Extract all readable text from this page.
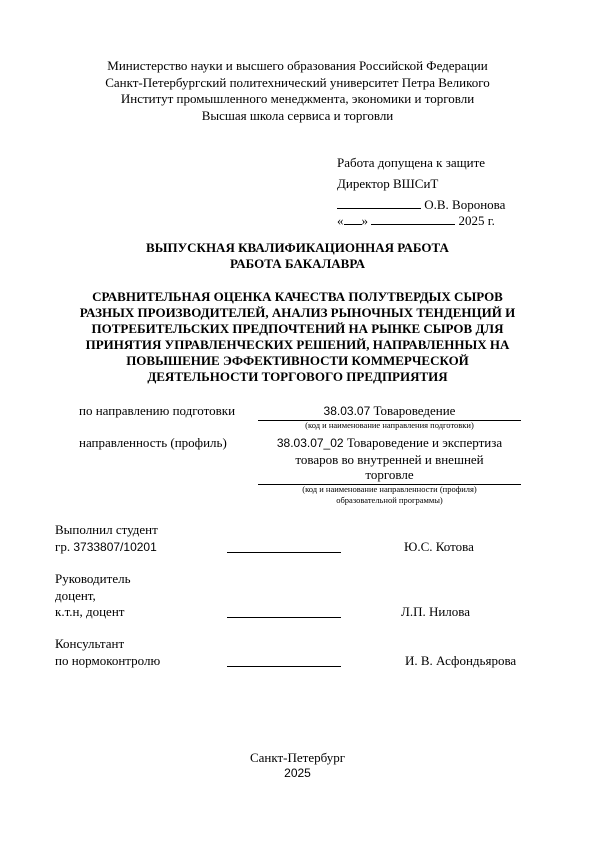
Министерство науки и высшего образования Российской Федерации
Санкт-Петербургский политехнический университет Петра Великого
Институт промышленного менеджмента, экономики и торговли
Высшая школа сервиса и торговли
Работа допущена к защите
Директор ВШСиТ
О.В. Воронова
« »	2025 г.
ВЫПУСКНАЯ КВАЛИФИКАЦИОННАЯ РАБОТА
РАБОТА БАКАЛАВРА
СРАВНИТЕЛЬНАЯ ОЦЕНКА КАЧЕСТВА ПОЛУТВЕРДЫХ СЫРОВ
РАЗНЫХ ПРОИЗВОДИТЕЛЕЙ, АНАЛИЗ РЫНОЧНЫХ ТЕНДЕНЦИЙ И
ПОТРЕБИТЕЛЬСКИХ ПРЕДПОЧТЕНИЙ НА РЫНКЕ СЫРОВ ДЛЯ
ПРИНЯТИЯ УПРАВЛЕНЧЕСКИХ РЕШЕНИЙ, НАПРАВЛЕННЫХ НА
ПОВЫШЕНИЕ ЭФФЕКТИВНОСТИ КОММЕРЧЕСКОЙ
ДЕЯТЕЛЬНОСТИ ТОРГОВОГО ПРЕДПРИЯТИЯ
по направлению подготовки	38.03.07 Товароведение
(код и наименование направления подготовки)
направленность (профиль)	38.03.07_02 Товароведение и экспертиза
товаров во внутренней и внешней
торговле
(код и наименование направленности (профиля)
образовательной программы)
Выполнил студент
гр. 3733807/10201	Ю.С. Котова
Руководитель
доцент,
к.т.н, доцент	Л.П. Нилова
Консультант
по нормоконтролю	И. В. Асфондьярова
Санкт-Петербург
2025
